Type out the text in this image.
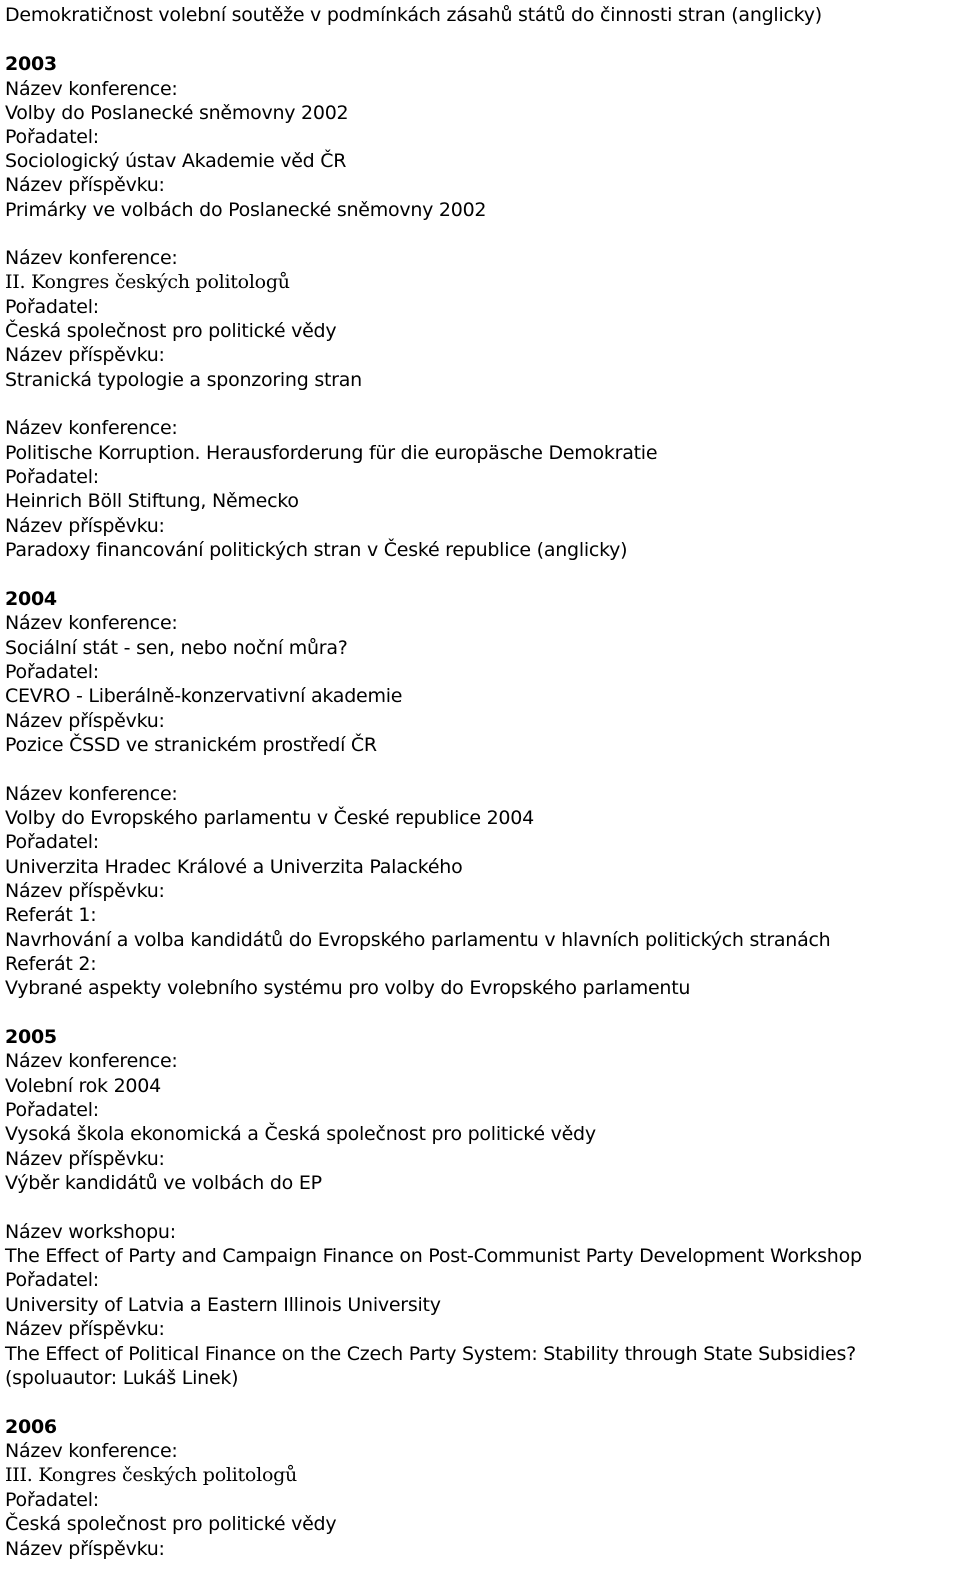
Demokratičnost volební soutěže v podmínkách zásahů států do činnosti stran (anglicky)
2003
Název konference:
Volby do Poslanecké sněmovny 2002
Pořadatel:
Sociologický ústav Akademie věd ČR
Název příspěvku:
Primárky ve volbách do Poslanecké sněmovny 2002
Název konference:
II. Kongres českých politologů
Pořadatel:
Česká společnost pro politické vědy
Název příspěvku:
Stranická typologie a sponzoring stran
Název konference:
Politische Korruption. Herausforderung für die europäsche Demokratie
Pořadatel:
Heinrich Böll Stiftung, Německo
Název příspěvku:
Paradoxy financování politických stran v České republice (anglicky)
2004
Název konference:
Sociální stát - sen, nebo noční můra?
Pořadatel:
CEVRO - Liberálně-konzervativní akademie
Název příspěvku:
Pozice ČSSD ve stranickém prostředí ČR
Název konference:
Volby do Evropského parlamentu v České republice 2004
Pořadatel:
Univerzita Hradec Králové a Univerzita Palackého
Název příspěvku:
Referát 1:
Navrhování a volba kandidátů do Evropského parlamentu v hlavních politických stranách
Referát 2:
Vybrané aspekty volebního systému pro volby do Evropského parlamentu
2005
Název konference:
Volební rok 2004
Pořadatel:
Vysoká škola ekonomická a Česká společnost pro politické vědy
Název příspěvku:
Výběr kandidátů ve volbách do EP
Název workshopu:
The Effect of Party and Campaign Finance on Post-Communist Party Development Workshop
Pořadatel:
University of Latvia a Eastern Illinois University
Název příspěvku:
The Effect of Political Finance on the Czech Party System: Stability through State Subsidies?
(spoluautor: Lukáš Linek)
2006
Název konference:
III. Kongres českých politologů
Pořadatel:
Česká společnost pro politické vědy
Název příspěvku:
